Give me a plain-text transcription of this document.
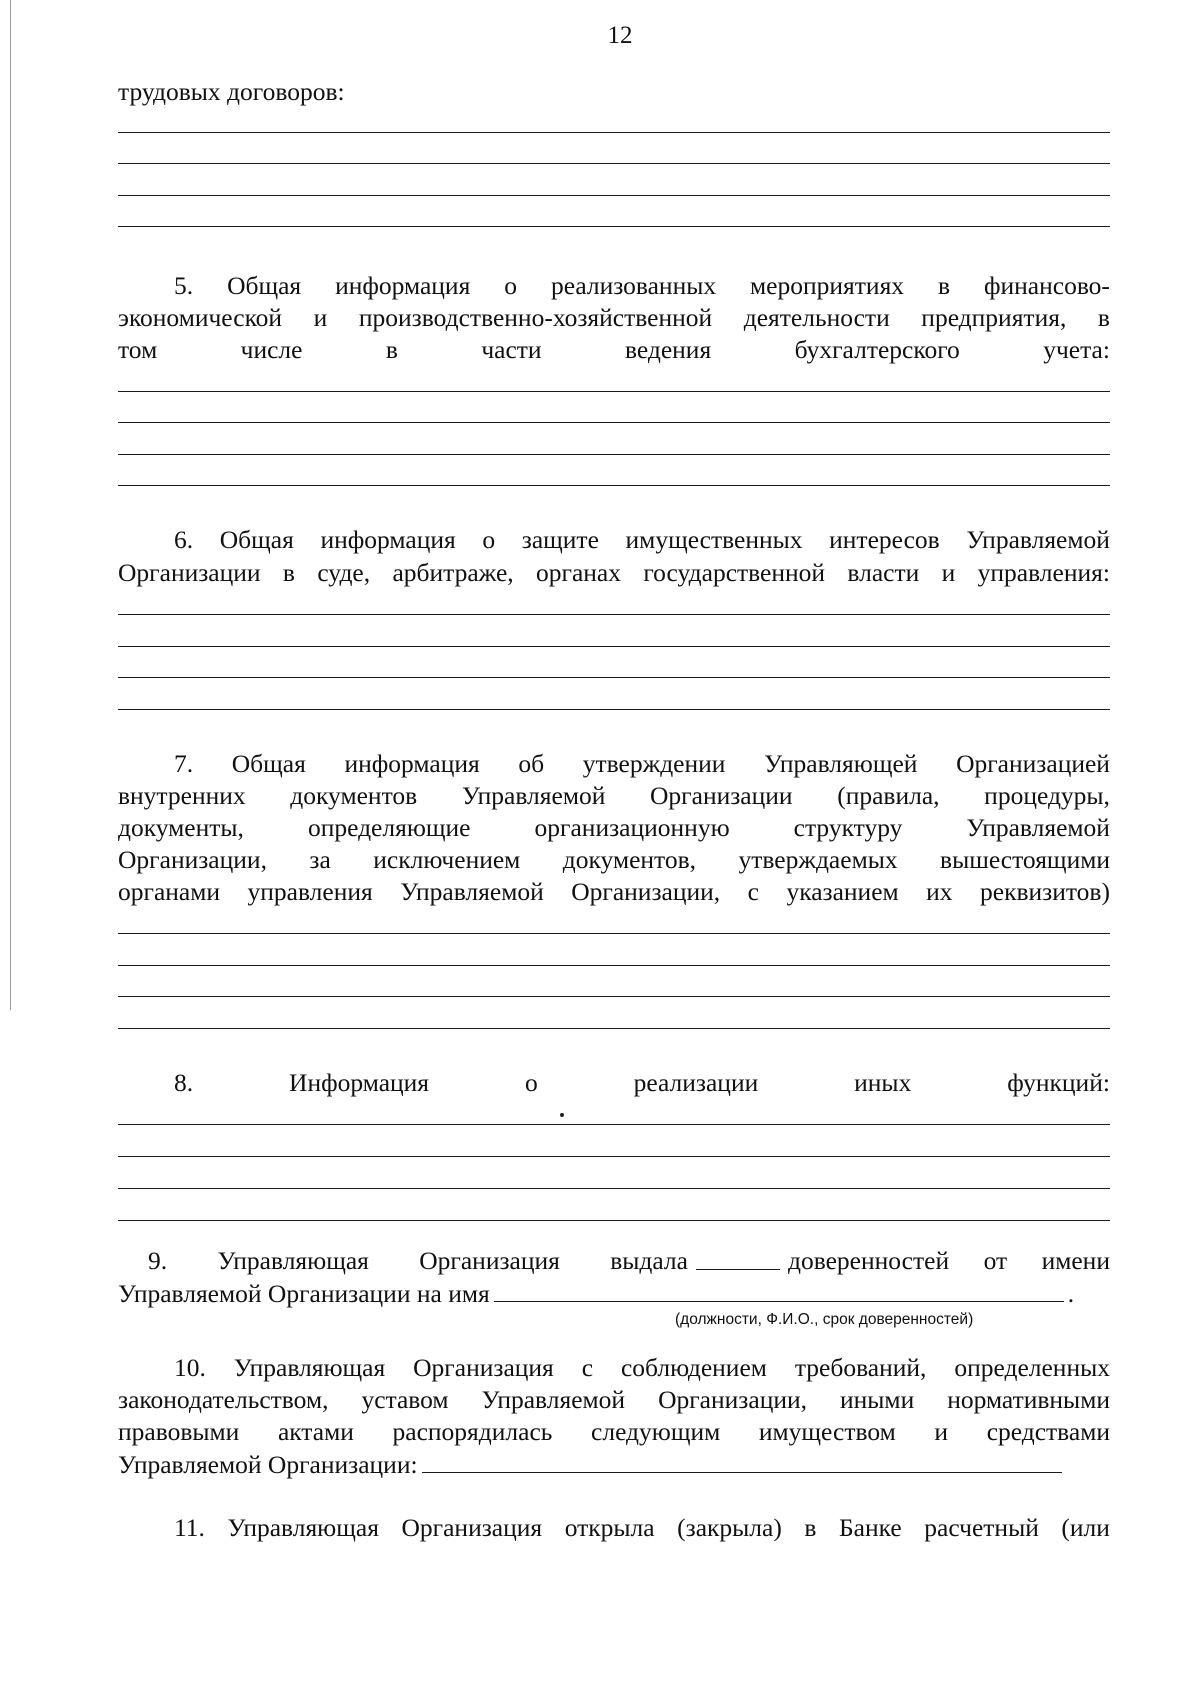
12
трудовых договоров:
5. Общая информация о реализованных мероприятиях в финансово-
экономической и производственно-хозяйственной деятельности предприятия, в
том	числе	в	части	ведения	бухгалтерского	учета:
6. Общая информация о защите имущественных интересов Управляемой
Организации в суде, арбитраже, органах государственной власти и управления:
7. Общая информация об утверждении Управляющей Организацией
внутренних документов Управляемой Организации (правила, процедуры,
документы,	определяющие	организационную	структуру	Управляемой
Организации, за исключением документов, утверждаемых вышестоящими
органами управления Управляемой Организации, с указанием их реквизитов)
8.	Информация	о	реализации	иных	функций:
9. Управляющая Организация выдала	доверенностей от имени
Управляемой Организации на имя	.
(должности, Ф.И.О., срок доверенностей)
10. Управляющая Организация с соблюдением требований, определенных
законодательством, уставом Управляемой Организации, иными нормативными
правовыми актами распорядилась следующим имуществом и средствами
Управляемой Организации:
11. Управляющая Организация открыла (закрыла) в Банке расчетный (или
